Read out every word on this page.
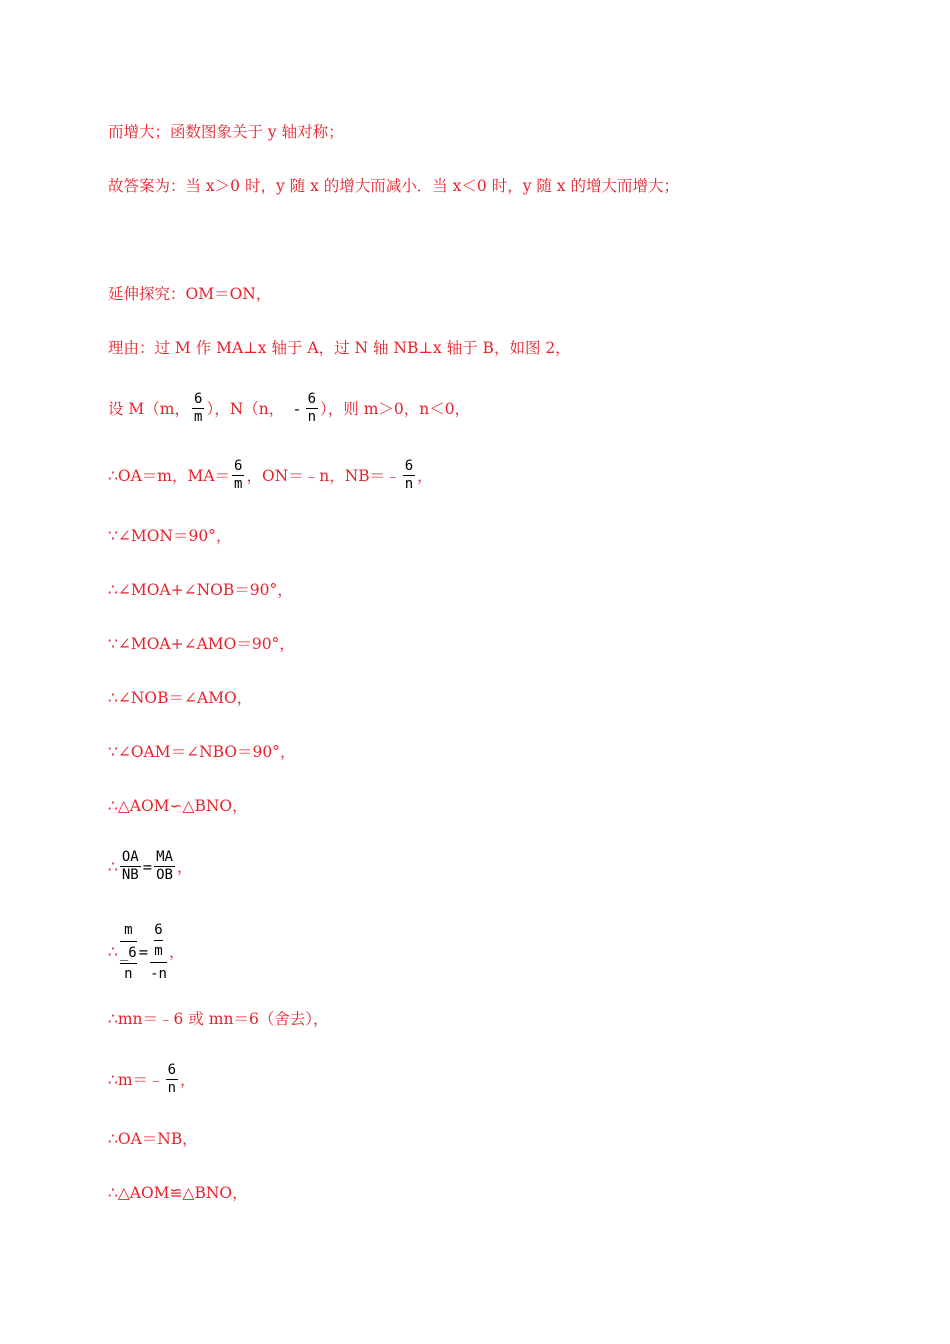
而增大；函数图象关于 y 轴对称；
故答案为：当 x＞0 时，y 随 x 的增大而减小．当 x＜0 时，y 随 x 的增大而增大；
延伸探究：OM＝ON，
理由：过 M 作 MA⊥x 轴于 A，过 N 轴 NB⊥x 轴于 B，如图 2，
设 M（m， $\frac{6}{m}$ ），N（n， - $\frac{6}{n}$ ），则 m＞0，n＜0，
∴OA＝m，$MA= \frac{6}{m}$ ，ON＝﹣n，NB＝﹣ $\frac{6}{n}$ ，
∵∠MON＝90°，
∴∠MOA+∠NOB＝90°，
∵∠MOA+∠AMO＝90°，
∴∠NOB＝∠AMO，
∵∠OAM＝∠NBO＝90°，
∴△AOM∽△BNO，
∴ $\frac{OA}{NB} = \frac{MA}{OB}$ ，
∴
m
$\frac{\_6}{n} = \frac{6}{m}$
-n
，
∴mn＝﹣6 或 mn＝6（舍去），
∴m＝﹣ $\frac{6}{n}$ ，
∴OA＝NB，
∴△AOM≌△BNO，
